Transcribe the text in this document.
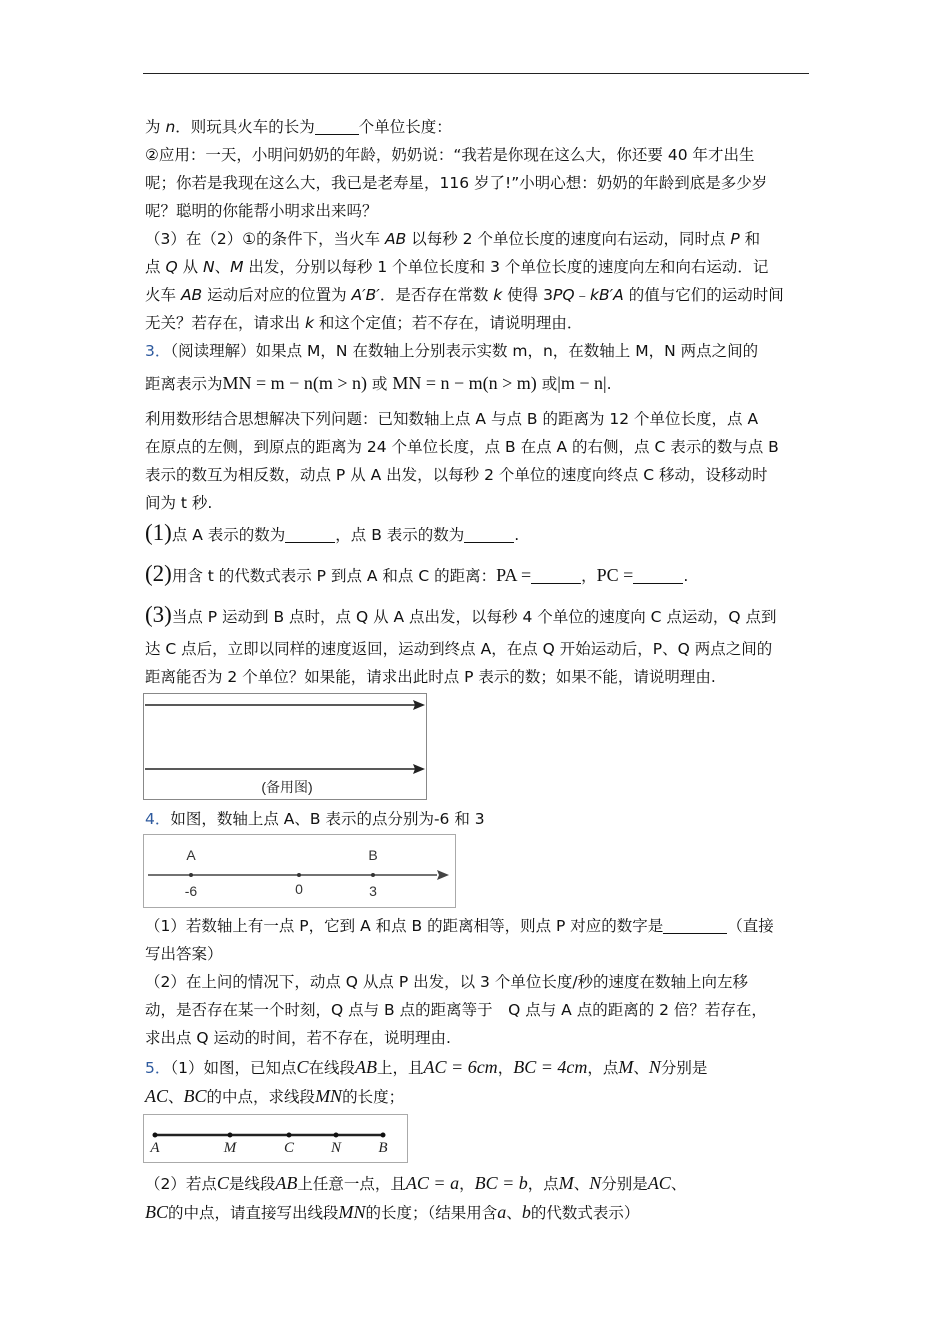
为 n．则玩具火车的长为	个单位长度：
②应用：一天，小明问奶奶的年龄，奶奶说：“我若是你现在这么大，你还要 40 年才出生
呢；你若是我现在这么大，我已是老寿星，116 岁了!”小明心想：奶奶的年龄到底是多少岁
呢？聪明的你能帮小明求出来吗？
（3）在（2）①的条件下，当火车 AB 以每秒 2 个单位长度的速度向右运动，同时点 P 和
点 Q 从 N、M 出发，分别以每秒 1 个单位长度和 3 个单位长度的速度向左和向右运动．记
火车 AB 运动后对应的位置为 A′B′．是否存在常数 k 使得 3PQ﹣kB′A 的值与它们的运动时间
无关？若存在，请求出 k 和这个定值；若不存在，请说明理由．
3．（阅读理解）如果点 M，N 在数轴上分别表示实数 m，n，在数轴上 M，N 两点之间的
距离表示为MN = m − n(m > n) 或 MN = n − m(n > m) 或|m − n|.
利用数形结合思想解决下列问题：已知数轴上点 A 与点 B 的距离为 12 个单位长度，点 A
在原点的左侧，到原点的距离为 24 个单位长度，点 B 在点 A 的右侧，点 C 表示的数与点 B
表示的数互为相反数，动点 P 从 A 出发，以每秒 2 个单位的速度向终点 C 移动，设移动时
间为 t 秒.
(1)点 A 表示的数为	，点 B 表示的数为	.
(2)用含 t 的代数式表示 P 到点 A 和点 C 的距离：PA =	，PC =	.
(3)当点 P 运动到 B 点时，点 Q 从 A 点出发，以每秒 4 个单位的速度向 C 点运动，Q 点到
达 C 点后，立即以同样的速度返回，运动到终点 A，在点 Q 开始运动后，P、Q 两点之间的
距离能否为 2 个单位？如果能，请求出此时点 P 表示的数；如果不能，请说明理由.
(备用图)
4．如图，数轴上点 A、B 表示的点分别为-6 和 3
A	B
-6	0	3
（1）若数轴上有一点 P，它到 A 和点 B 的距离相等，则点 P 对应的数字是	（直接
写出答案）
（2）在上问的情况下，动点 Q 从点 P 出发，以 3 个单位长度/秒的速度在数轴上向左移
动，是否存在某一个时刻，Q 点与 B 点的距离等于　Q 点与 A 点的距离的 2 倍？若存在，
求出点 Q 运动的时间，若不存在，说明理由.
5．（1）如图，已知点C在线段AB上，且AC = 6cm，BC = 4cm，点M、N分别是
AC、BC的中点，求线段MN的长度；
A	M	C N B
（2）若点C是线段AB上任意一点，且AC = a，BC = b，点M、N分别是AC、
BC的中点，请直接写出线段MN的长度；（结果用含a、b的代数式表示）
